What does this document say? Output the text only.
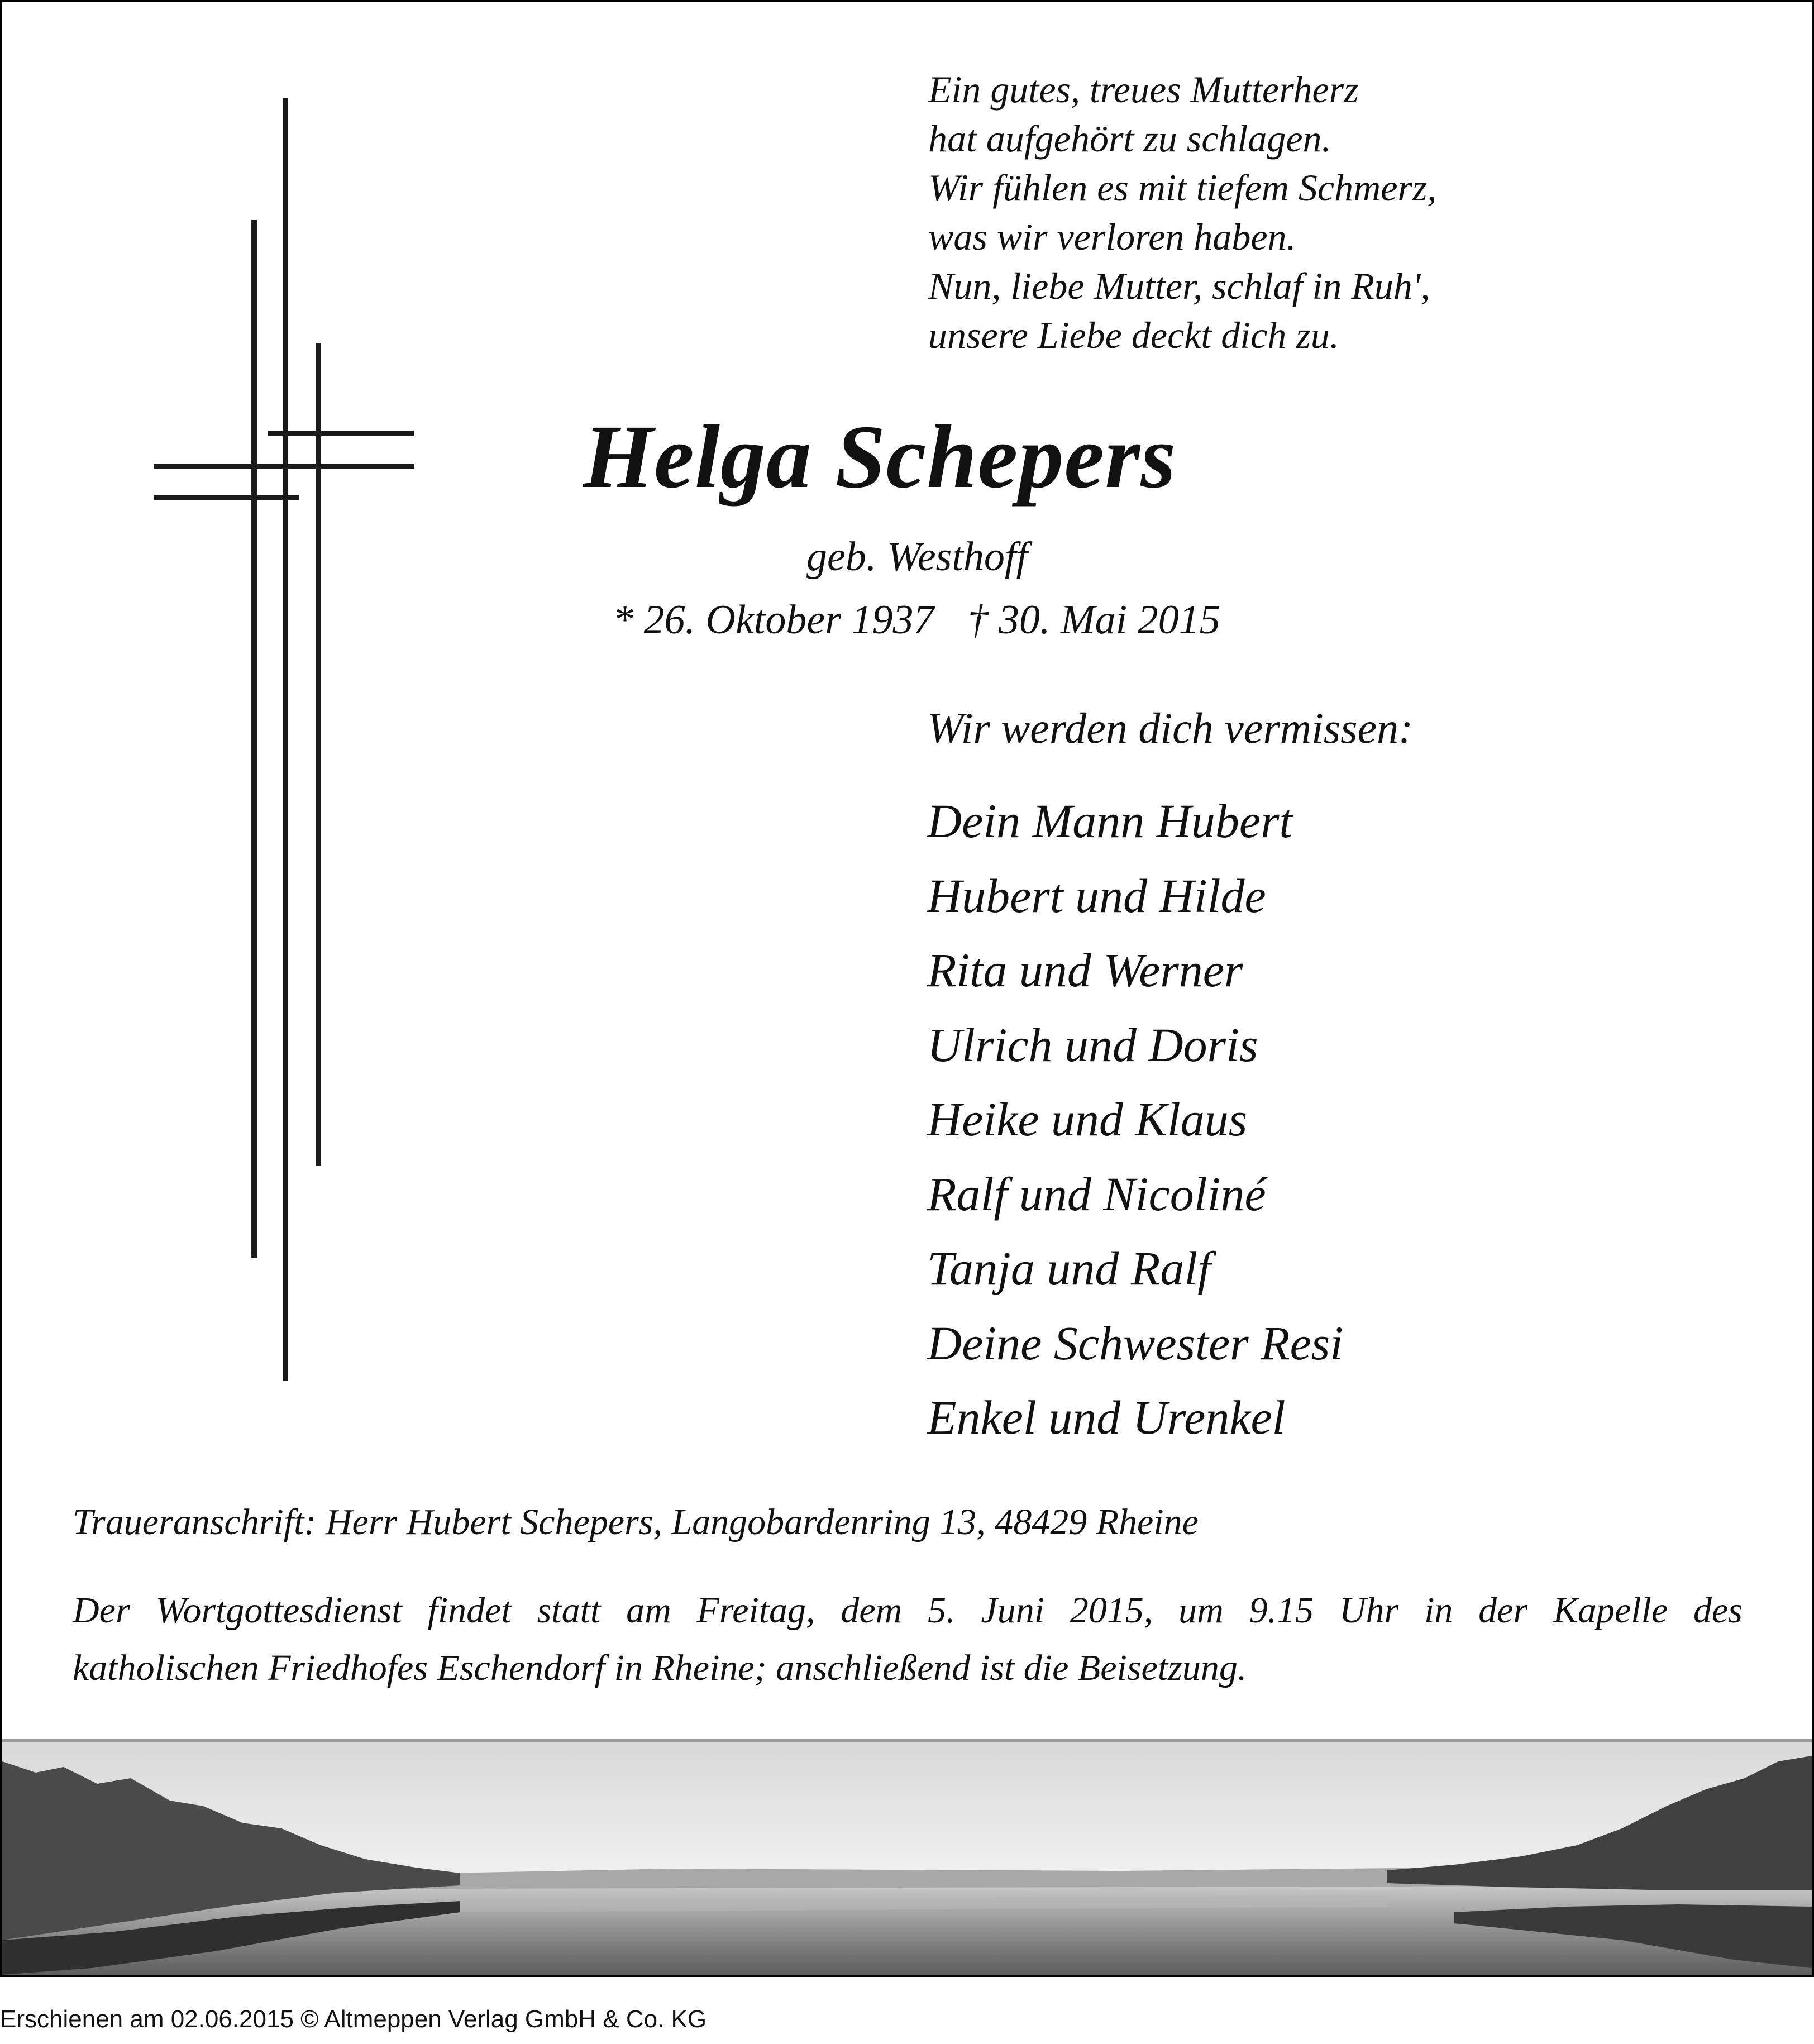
Ein gutes, treues Mutterherz
hat aufgehört zu schlagen.
Wir fühlen es mit tiefem Schmerz,
was wir verloren haben.
Nun, liebe Mutter, schlaf in Ruh',
unsere Liebe deckt dich zu.
Helga Schepers
geb. Westhoff
* 26. Oktober 1937 † 30. Mai 2015
Wir werden dich vermissen:
Dein Mann Hubert
Hubert und Hilde
Rita und Werner
Ulrich und Doris
Heike und Klaus
Ralf und Nicoliné
Tanja und Ralf
Deine Schwester Resi
Enkel und Urenkel
Traueranschrift: Herr Hubert Schepers, Langobardenring 13, 48429 Rheine
Der Wortgottesdienst findet statt am Freitag, dem 5. Juni 2015, um 9.15 Uhr in der Kapelle des
katholischen Friedhofes Eschendorf in Rheine; anschließend ist die Beisetzung.
Erschienen am 02.06.2015 © Altmeppen Verlag GmbH & Co. KG
